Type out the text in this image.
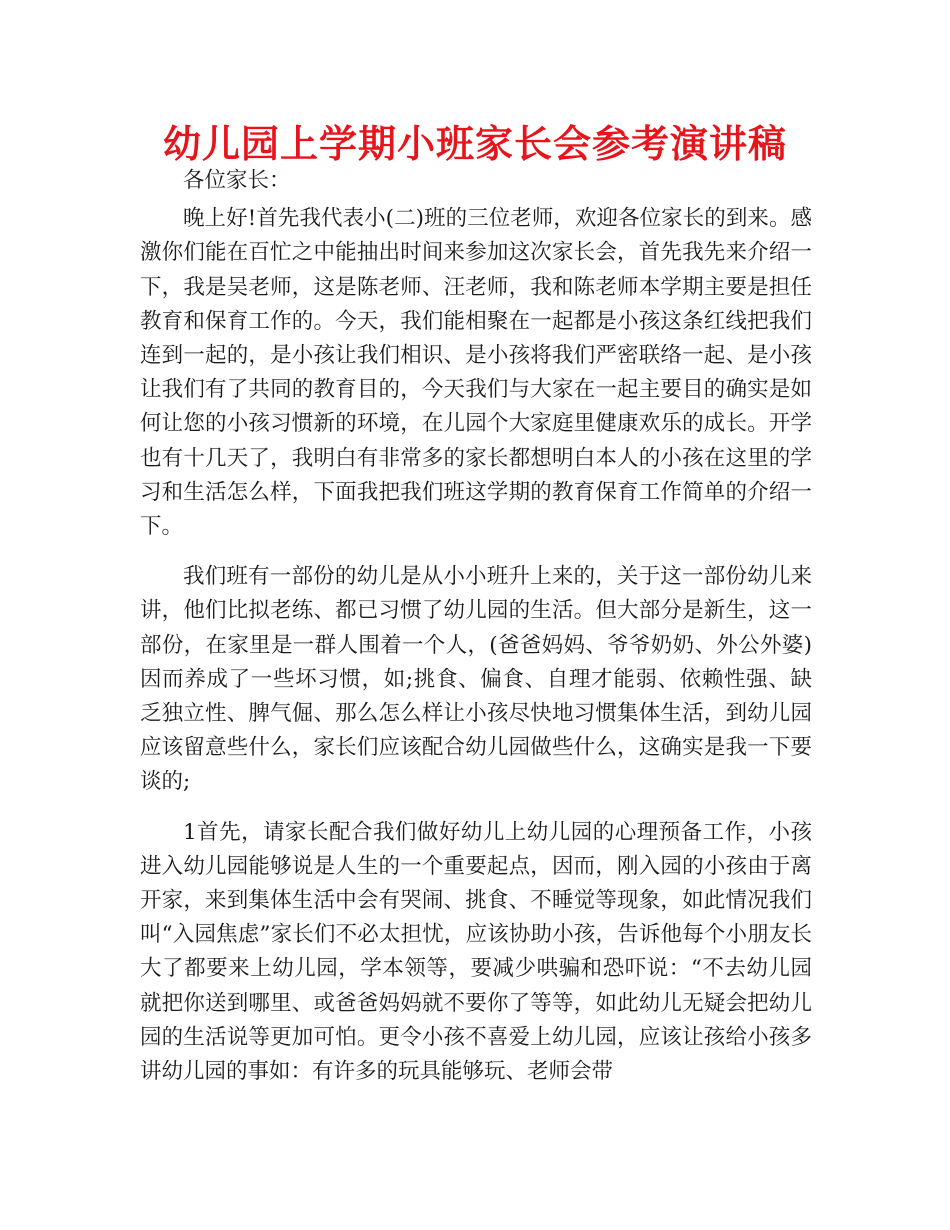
幼儿园上学期小班家长会参考演讲稿

各位家长：

晚上好!首先我代表小(二)班的三位老师，欢迎各位家长的到来。感激你们能在百忙之中能抽出时间来参加这次家长会，首先我先来介绍一下，我是吴老师，这是陈老师、汪老师，我和陈老师本学期主要是担任教育和保育工作的。今天，我们能相聚在一起都是小孩这条红线把我们连到一起的，是小孩让我们相识、是小孩将我们严密联络一起、是小孩让我们有了共同的教育目的，今天我们与大家在一起主要目的确实是如何让您的小孩习惯新的环境，在儿园个大家庭里健康欢乐的成长。开学也有十几天了，我明白有非常多的家长都想明白本人的小孩在这里的学习和生活怎么样，下面我把我们班这学期的教育保育工作简单的介绍一下。

我们班有一部份的幼儿是从小小班升上来的，关于这一部份幼儿来讲，他们比拟老练、都已习惯了幼儿园的生活。但大部分是新生，这一部份，在家里是一群人围着一个人，(爸爸妈妈、爷爷奶奶、外公外婆)因而养成了一些坏习惯，如;挑食、偏食、自理才能弱、依赖性强、缺乏独立性、脾气倔、那么怎么样让小孩尽快地习惯集体生活，到幼儿园应该留意些什么，家长们应该配合幼儿园做些什么，这确实是我一下要谈的;

1首先，请家长配合我们做好幼儿上幼儿园的心理预备工作，小孩进入幼儿园能够说是人生的一个重要起点，因而，刚入园的小孩由于离开家，来到集体生活中会有哭闹、挑食、不睡觉等现象，如此情况我们叫“入园焦虑”家长们不必太担忧，应该协助小孩，告诉他每个小朋友长大了都要来上幼儿园，学本领等，要减少哄骗和恐吓说：“不去幼儿园就把你送到哪里、或爸爸妈妈就不要你了等等，如此幼儿无疑会把幼儿园的生活说等更加可怕。更令小孩不喜爱上幼儿园，应该让孩给小孩多讲幼儿园的事如：有许多的玩具能够玩、老师会带
